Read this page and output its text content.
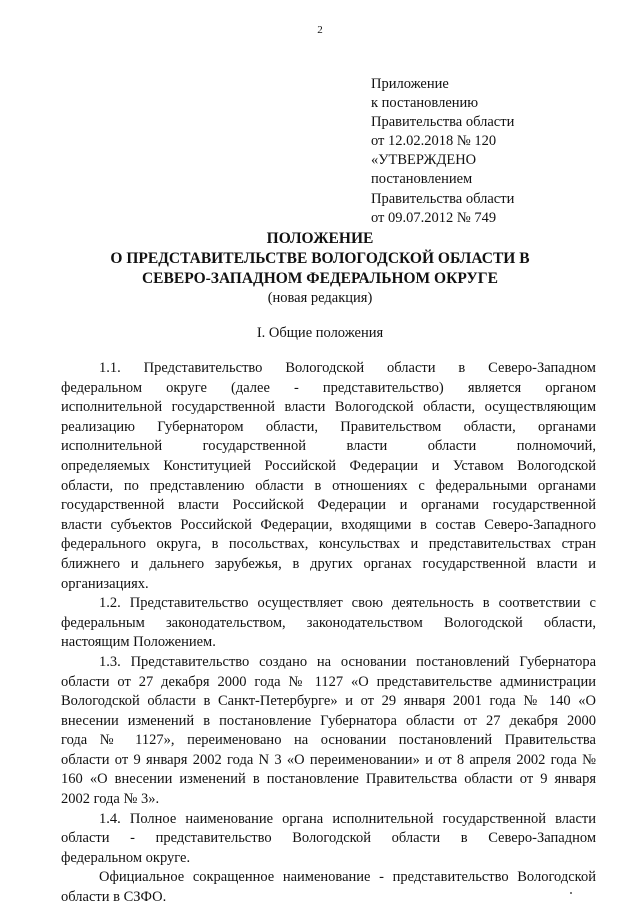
2
Приложение
к постановлению
Правительства области
от 12.02.2018 № 120
«УТВЕРЖДЕНО
постановлением
Правительства области
от 09.07.2012 № 749
ПОЛОЖЕНИЕ
О ПРЕДСТАВИТЕЛЬСТВЕ ВОЛОГОДСКОЙ ОБЛАСТИ В
СЕВЕРО-ЗАПАДНОМ ФЕДЕРАЛЬНОМ ОКРУГЕ
(новая редакция)
I. Общие положения
1.1. Представительство Вологодской области в Северо-Западном
федеральном округе (далее - представительство) является органом
исполнительной государственной власти Вологодской области, осуществляющим
реализацию Губернатором области, Правительством области, органами
исполнительной государственной власти области полномочий,
определяемых Конституцией Российской Федерации и Уставом Вологодской
области, по представлению области в отношениях с федеральными органами
государственной власти Российской Федерации и органами государственной
власти субъектов Российской Федерации, входящими в состав Северо-Западного
федерального округа, в посольствах, консульствах и представительствах стран
ближнего и дальнего зарубежья, в других органах государственной власти и
организациях.
1.2. Представительство осуществляет свою деятельность в соответствии с
федеральным законодательством, законодательством Вологодской области,
настоящим Положением.
1.3. Представительство создано на основании постановлений Губернатора
области от 27 декабря 2000 года № 1127 «О представительстве администрации
Вологодской области в Санкт-Петербурге» и от 29 января 2001 года № 140 «О
внесении изменений в постановление Губернатора области от 27 декабря 2000
года № 1127», переименовано на основании постановлений Правительства
области от 9 января 2002 года N 3 «О переименовании» и от 8 апреля 2002 года №
160 «О внесении изменений в постановление Правительства области от 9 января
2002 года № 3».
1.4. Полное наименование органа исполнительной государственной власти
области - представительство Вологодской области в Северо-Западном
федеральном округе.
Официальное сокращенное наименование - представительство Вологодской
области в СЗФО.
